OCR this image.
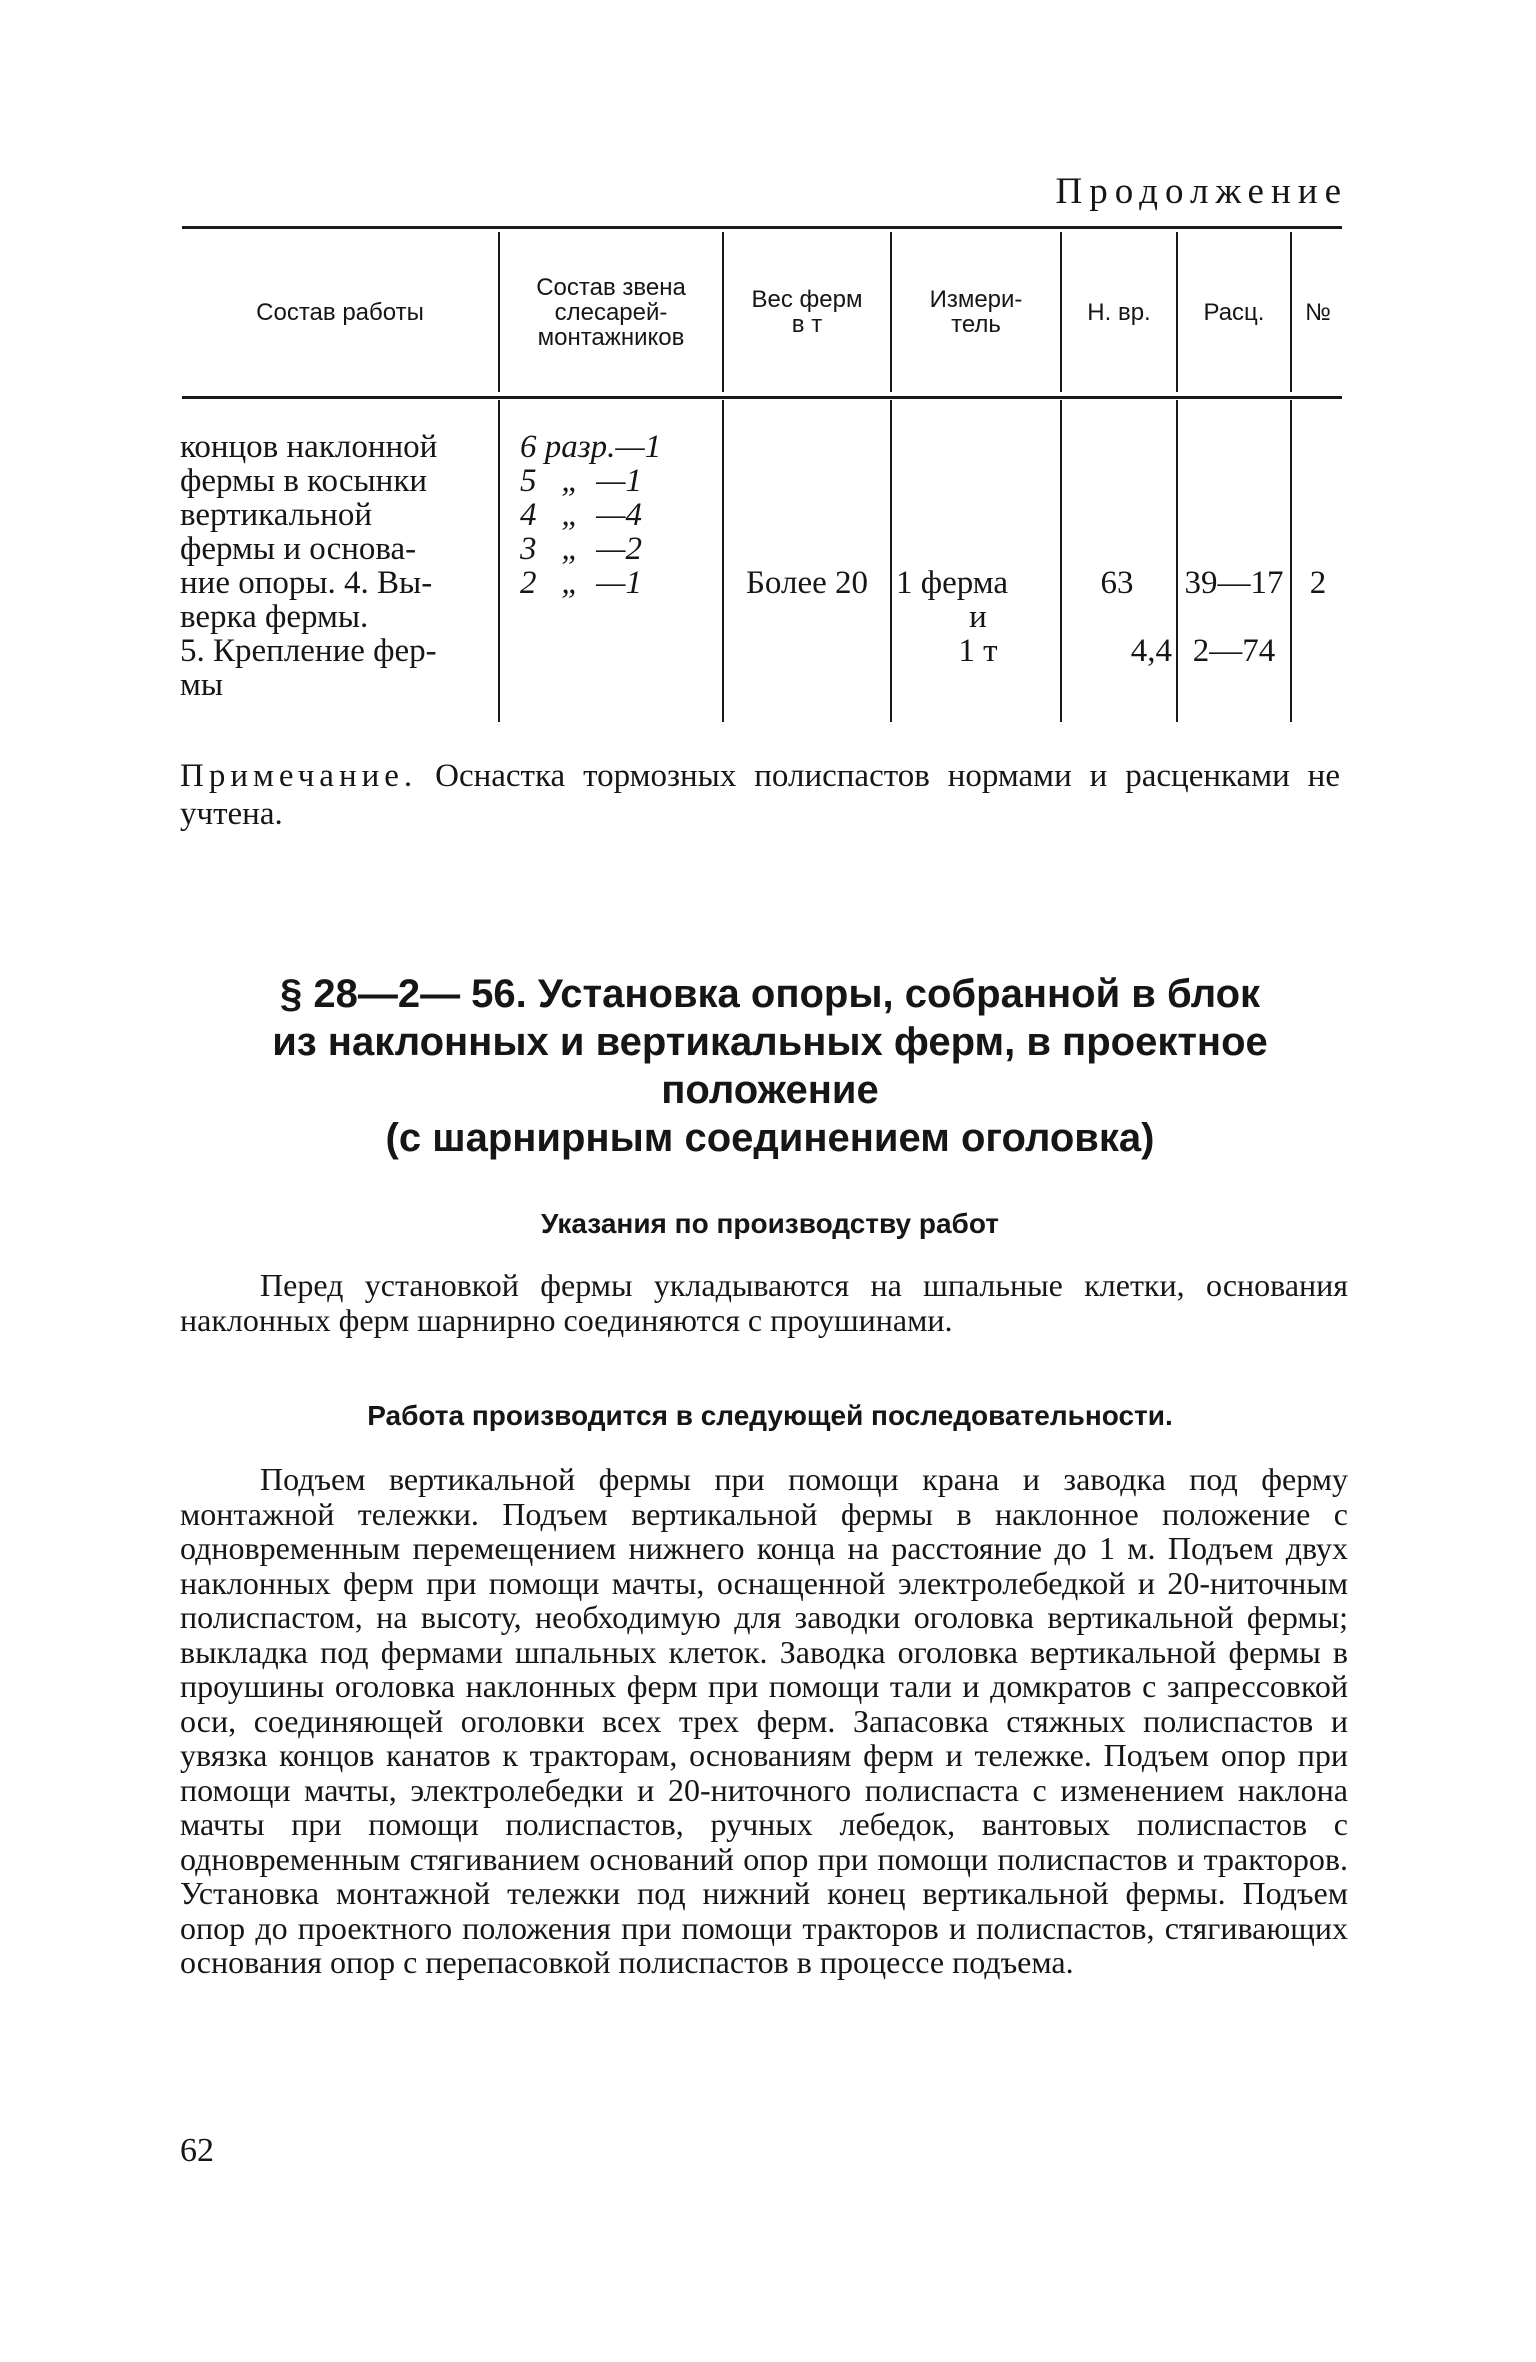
Продолжение
Состав работы
Состав звена
слесарей-
монтажников
Вес ферм
в т
Измери-
тель	Н. вр. Расц. №
концов наклонной
фермы в косынки
вертикальной
фермы и основа-
ние опоры. 4. Вы-
верка фермы.
5. Крепление фер-
мы
6 разр.—1
5   „  —1
4   „  —4
3   „  —2
2   „  —1	Более 20 1 ферма
и
1 т
63
4,4
39—17
2—74
2
Примечание. Оснастка тормозных полиспастов нормами и расценками не учтена.
§ 28—2— 56. Установка опоры, собранной в блок
из наклонных и вертикальных ферм, в проектное
положение
(с шарнирным соединением оголовка)
Указания по производству работ

Перед установкой фермы укладываются на шпальные клетки, основания наклонных ферм шарнирно соединяются с проушинами.

Работа производится в следующей последовательности.

Подъем вертикальной фермы при помощи крана и заводка под ферму монтажной тележки. Подъем вертикальной фермы в наклонное положение с одновременным перемещением нижнего конца на расстояние до 1 м. Подъем двух наклонных ферм при помощи мачты, оснащенной электролебедкой и 20-ниточным полиспастом, на высоту, необходимую для заводки оголовка вертикальной фермы; выкладка под фермами шпальных клеток. Заводка оголовка вертикальной фермы в проушины оголовка наклонных ферм при помощи тали и домкратов с запрессовкой оси, соединяющей оголовки всех трех ферм. Запасовка стяжных полиспастов и увязка концов канатов к тракторам, основаниям ферм и тележке. Подъем опор при помощи мачты, электролебедки и 20-ниточного полиспаста с изменением наклона мачты при помощи полиспастов, ручных лебедок, вантовых полиспастов с одновременным стягиванием оснований опор при помощи полиспастов и тракторов. Установка монтажной тележки под нижний конец вертикальной фермы. Подъем опор до проектного положения при помощи тракторов и полиспастов, стягивающих основания опор с перепасовкой полиспастов в процессе подъема.

62
